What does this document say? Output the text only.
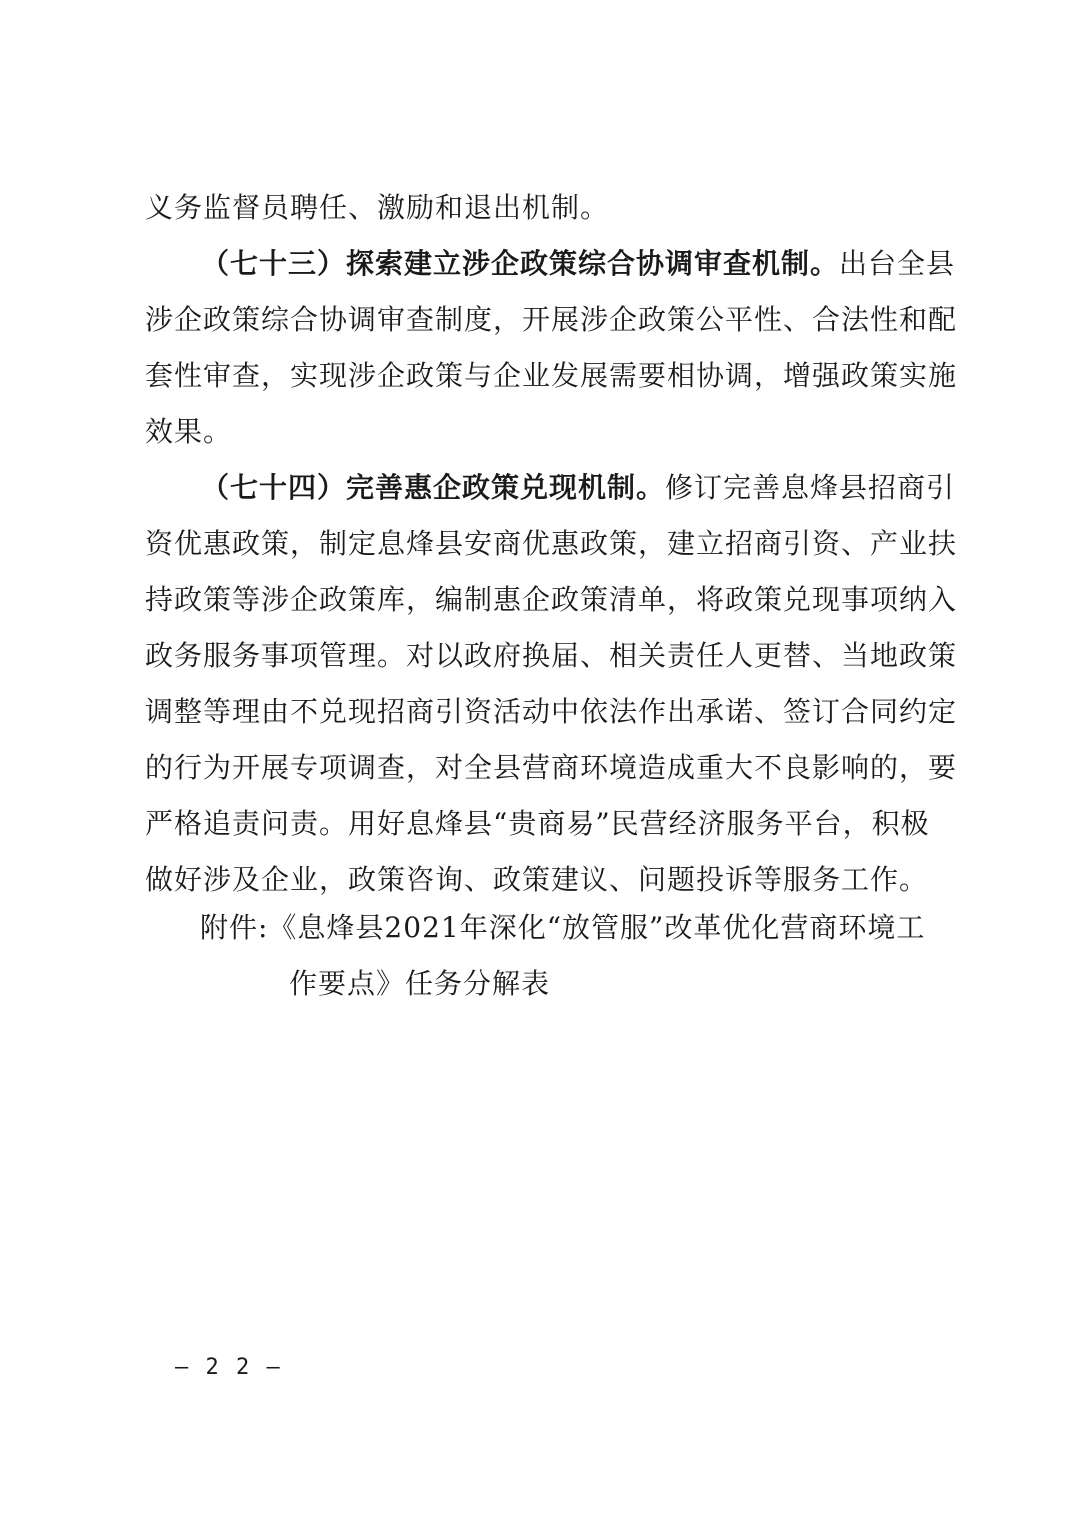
义务监督员聘任、激励和退出机制。
（七十三）探索建立涉企政策综合协调审查机制。出台全县
涉企政策综合协调审查制度，开展涉企政策公平性、合法性和配
套性审查，实现涉企政策与企业发展需要相协调，增强政策实施
效果。
（七十四）完善惠企政策兑现机制。修订完善息烽县招商引
资优惠政策，制定息烽县安商优惠政策，建立招商引资、产业扶
持政策等涉企政策库，编制惠企政策清单，将政策兑现事项纳入
政务服务事项管理。对以政府换届、相关责任人更替、当地政策
调整等理由不兑现招商引资活动中依法作出承诺、签订合同约定
的行为开展专项调查，对全县营商环境造成重大不良影响的，要
严格追责问责。用好息烽县“贵商易”民营经济服务平台，积极
做好涉及企业，政策咨询、政策建议、问题投诉等服务工作。
附件:《息烽县2021年深化“放管服”改革优化营商环境工
作要点》任务分解表
— 2 2 —
